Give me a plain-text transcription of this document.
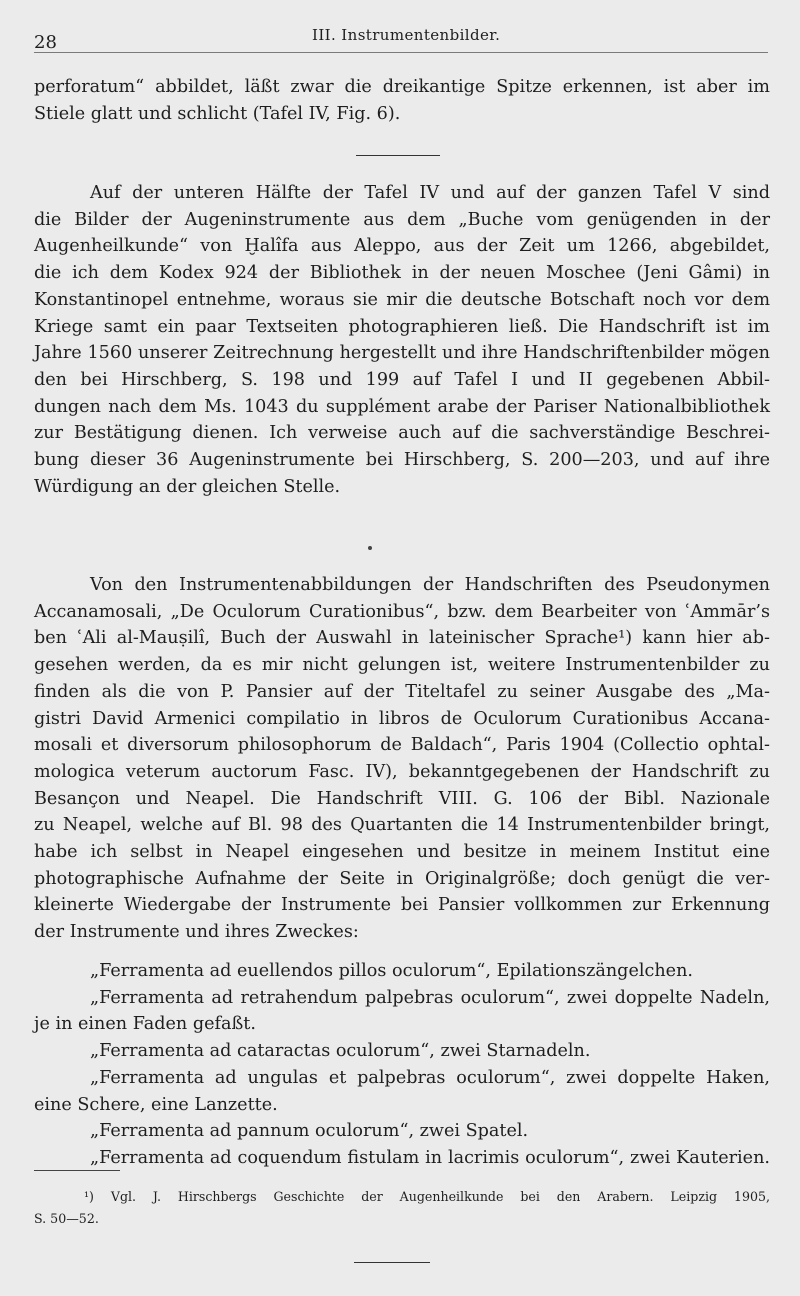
28	III. Instrumentenbilder.
perforatum“ abbildet, läßt zwar die dreikantige Spitze erkennen, ist aber im
Stiele glatt und schlicht (Tafel IV, Fig. 6).
Auf der unteren Hälfte der Tafel IV und auf der ganzen Tafel V sind
die Bilder der Augeninstrumente aus dem „Buche vom genügenden in der
Augenheilkunde“ von Ḫalîfa aus Aleppo, aus der Zeit um 1266, abgebildet,
die ich dem Kodex 924 der Bibliothek in der neuen Moschee (Jeni Gâmi) in
Konstantinopel entnehme, woraus sie mir die deutsche Botschaft noch vor dem
Kriege samt ein paar Textseiten photographieren ließ. Die Handschrift ist im
Jahre 1560 unserer Zeitrechnung hergestellt und ihre Handschriftenbilder mögen
den bei Hirschberg, S. 198 und 199 auf Tafel I und II gegebenen Abbil-
dungen nach dem Ms. 1043 du supplément arabe der Pariser Nationalbibliothek
zur Bestätigung dienen. Ich verweise auch auf die sachverständige Beschrei-
bung dieser 36 Augeninstrumente bei Hirschberg, S. 200—203, und auf ihre
Würdigung an der gleichen Stelle.
Von den Instrumentenabbildungen der Handschriften des Pseudonymen
Accanamosali, „De Oculorum Curationibus“, bzw. dem Bearbeiter von ʿAmmār’s
ben ʿAli al-Mauṣilî, Buch der Auswahl in lateinischer Sprache¹) kann hier ab-
gesehen werden, da es mir nicht gelungen ist, weitere Instrumentenbilder zu
finden als die von P. Pansier auf der Titeltafel zu seiner Ausgabe des „Ma-
gistri David Armenici compilatio in libros de Oculorum Curationibus Accana-
mosali et diversorum philosophorum de Baldach“, Paris 1904 (Collectio ophtal-
mologica veterum auctorum Fasc. IV), bekanntgegebenen der Handschrift zu
Besançon und Neapel. Die Handschrift VIII. G. 106 der Bibl. Nazionale
zu Neapel, welche auf Bl. 98 des Quartanten die 14 Instrumentenbilder bringt,
habe ich selbst in Neapel eingesehen und besitze in meinem Institut eine
photographische Aufnahme der Seite in Originalgröße; doch genügt die ver-
kleinerte Wiedergabe der Instrumente bei Pansier vollkommen zur Erkennung
der Instrumente und ihres Zweckes:
„Ferramenta ad euellendos pillos oculorum“, Epilationszängelchen.
„Ferramenta ad retrahendum palpebras oculorum“, zwei doppelte Nadeln,
je in einen Faden gefaßt.
„Ferramenta ad cataractas oculorum“, zwei Starnadeln.
„Ferramenta ad ungulas et palpebras oculorum“, zwei doppelte Haken,
eine Schere, eine Lanzette.
„Ferramenta ad pannum oculorum“, zwei Spatel.
„Ferramenta ad coquendum fistulam in lacrimis oculorum“, zwei Kauterien.
¹) Vgl. J. Hirschbergs Geschichte der Augenheilkunde bei den Arabern. Leipzig 1905,
S. 50—52.
